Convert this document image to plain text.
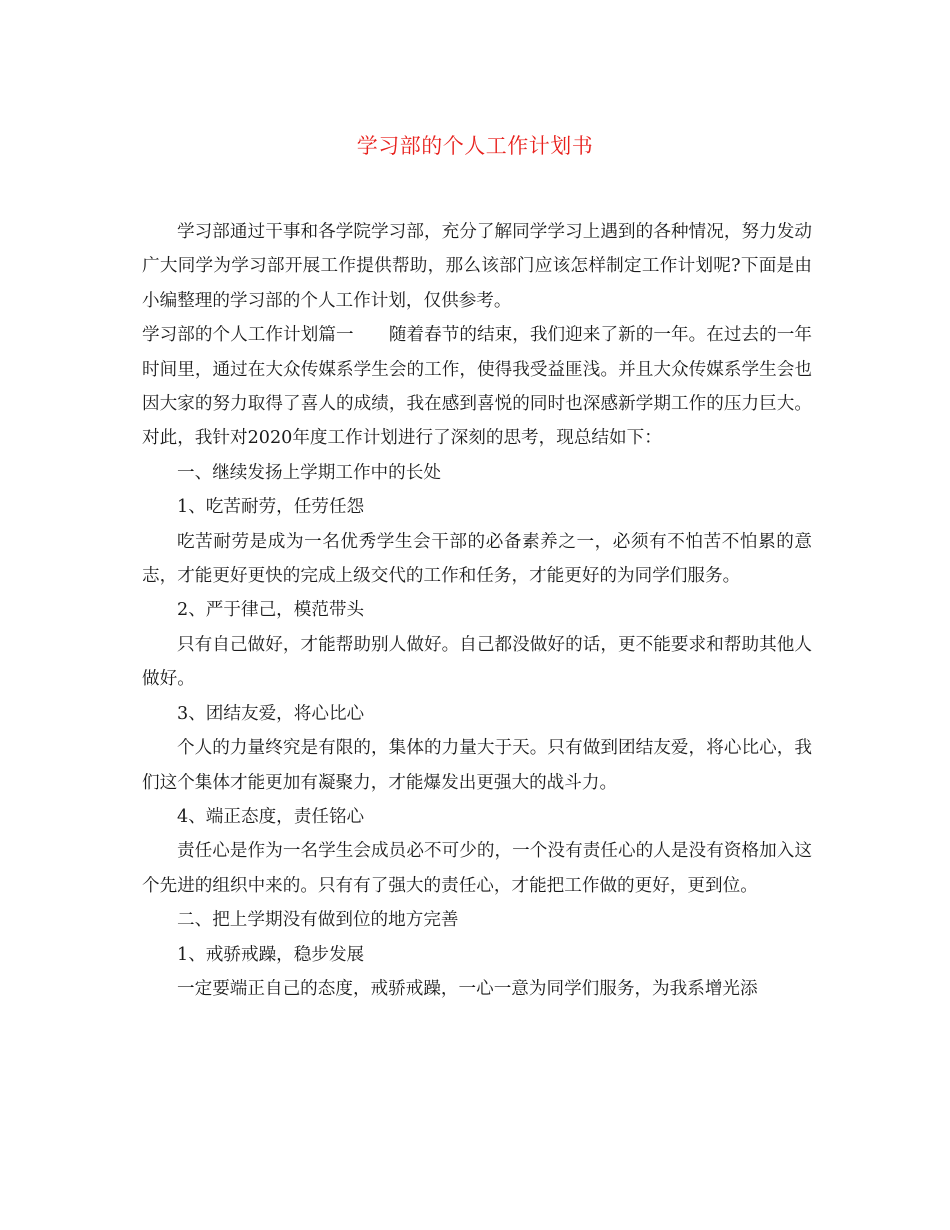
学习部的个人工作计划书

学习部通过干事和各学院学习部，充分了解同学学习上遇到的各种情况，努力发动广大同学为学习部开展工作提供帮助，那么该部门应该怎样制定工作计划呢?下面是由小编整理的学习部的个人工作计划，仅供参考。

学习部的个人工作计划篇一　　随着春节的结束，我们迎来了新的一年。在过去的一年时间里，通过在大众传媒系学生会的工作，使得我受益匪浅。并且大众传媒系学生会也因大家的努力取得了喜人的成绩，我在感到喜悦的同时也深感新学期工作的压力巨大。对此，我针对2020年度工作计划进行了深刻的思考，现总结如下：

一、继续发扬上学期工作中的长处

1、吃苦耐劳，任劳任怨

吃苦耐劳是成为一名优秀学生会干部的必备素养之一，必须有不怕苦不怕累的意志，才能更好更快的完成上级交代的工作和任务，才能更好的为同学们服务。

2、严于律己，模范带头

只有自己做好，才能帮助别人做好。自己都没做好的话，更不能要求和帮助其他人做好。

3、团结友爱，将心比心

个人的力量终究是有限的，集体的力量大于天。只有做到团结友爱，将心比心，我们这个集体才能更加有凝聚力，才能爆发出更强大的战斗力。

4、端正态度，责任铭心

责任心是作为一名学生会成员必不可少的，一个没有责任心的人是没有资格加入这个先进的组织中来的。只有有了强大的责任心，才能把工作做的更好，更到位。

二、把上学期没有做到位的地方完善

1、戒骄戒躁，稳步发展

一定要端正自己的态度，戒骄戒躁，一心一意为同学们服务，为我系增光添
